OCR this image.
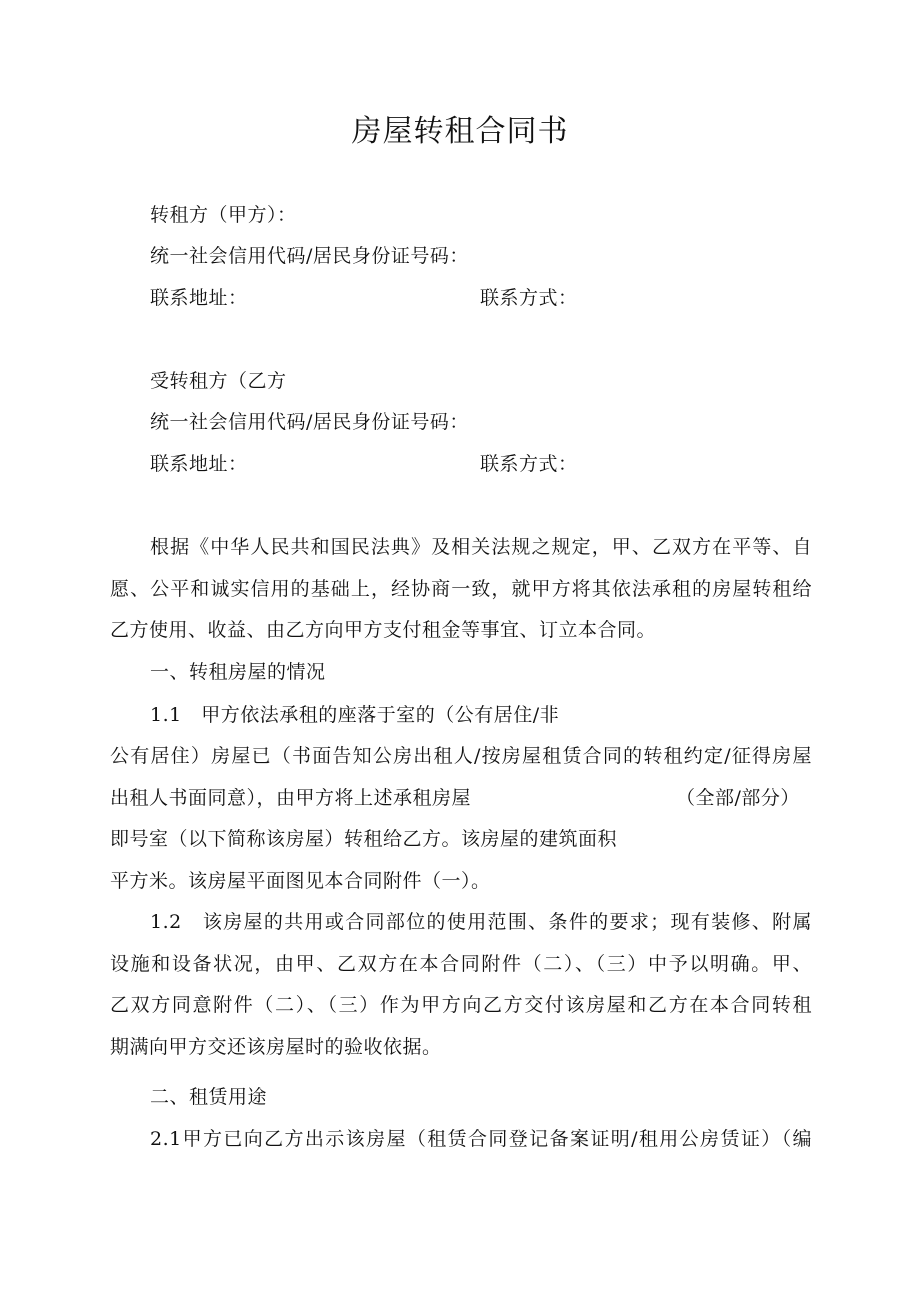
房屋转租合同书
转租方（甲方）：
统一社会信用代码/居民身份证号码：
联系地址：	联系方式：
受转租方（乙方
统一社会信用代码/居民身份证号码：
联系地址：	联系方式：
根据《中华人民共和国民法典》及相关法规之规定，甲、乙双方在平等、自
愿、公平和诚实信用的基础上，经协商一致，就甲方将其依法承租的房屋转租给
乙方使用、收益、由乙方向甲方支付租金等事宜、订立本合同。
一、转租房屋的情况
1.1　甲方依法承租的座落于室的（公有居住/非
公有居住）房屋已（书面告知公房出租人/按房屋租赁合同的转租约定/征得房屋
出租人书面同意），由甲方将上述承租房屋	（全部/部分）
即号室（以下简称该房屋）转租给乙方。该房屋的建筑面积
平方米。该房屋平面图见本合同附件（一）。
1.2　该房屋的共用或合同部位的使用范围、条件的要求；现有装修、附属
设施和设备状况，由甲、乙双方在本合同附件（二）、（三）中予以明确。甲、
乙双方同意附件（二）、（三）作为甲方向乙方交付该房屋和乙方在本合同转租
期满向甲方交还该房屋时的验收依据。
二、租赁用途
2.1甲方已向乙方出示该房屋（租赁合同登记备案证明/租用公房赁证）（编
